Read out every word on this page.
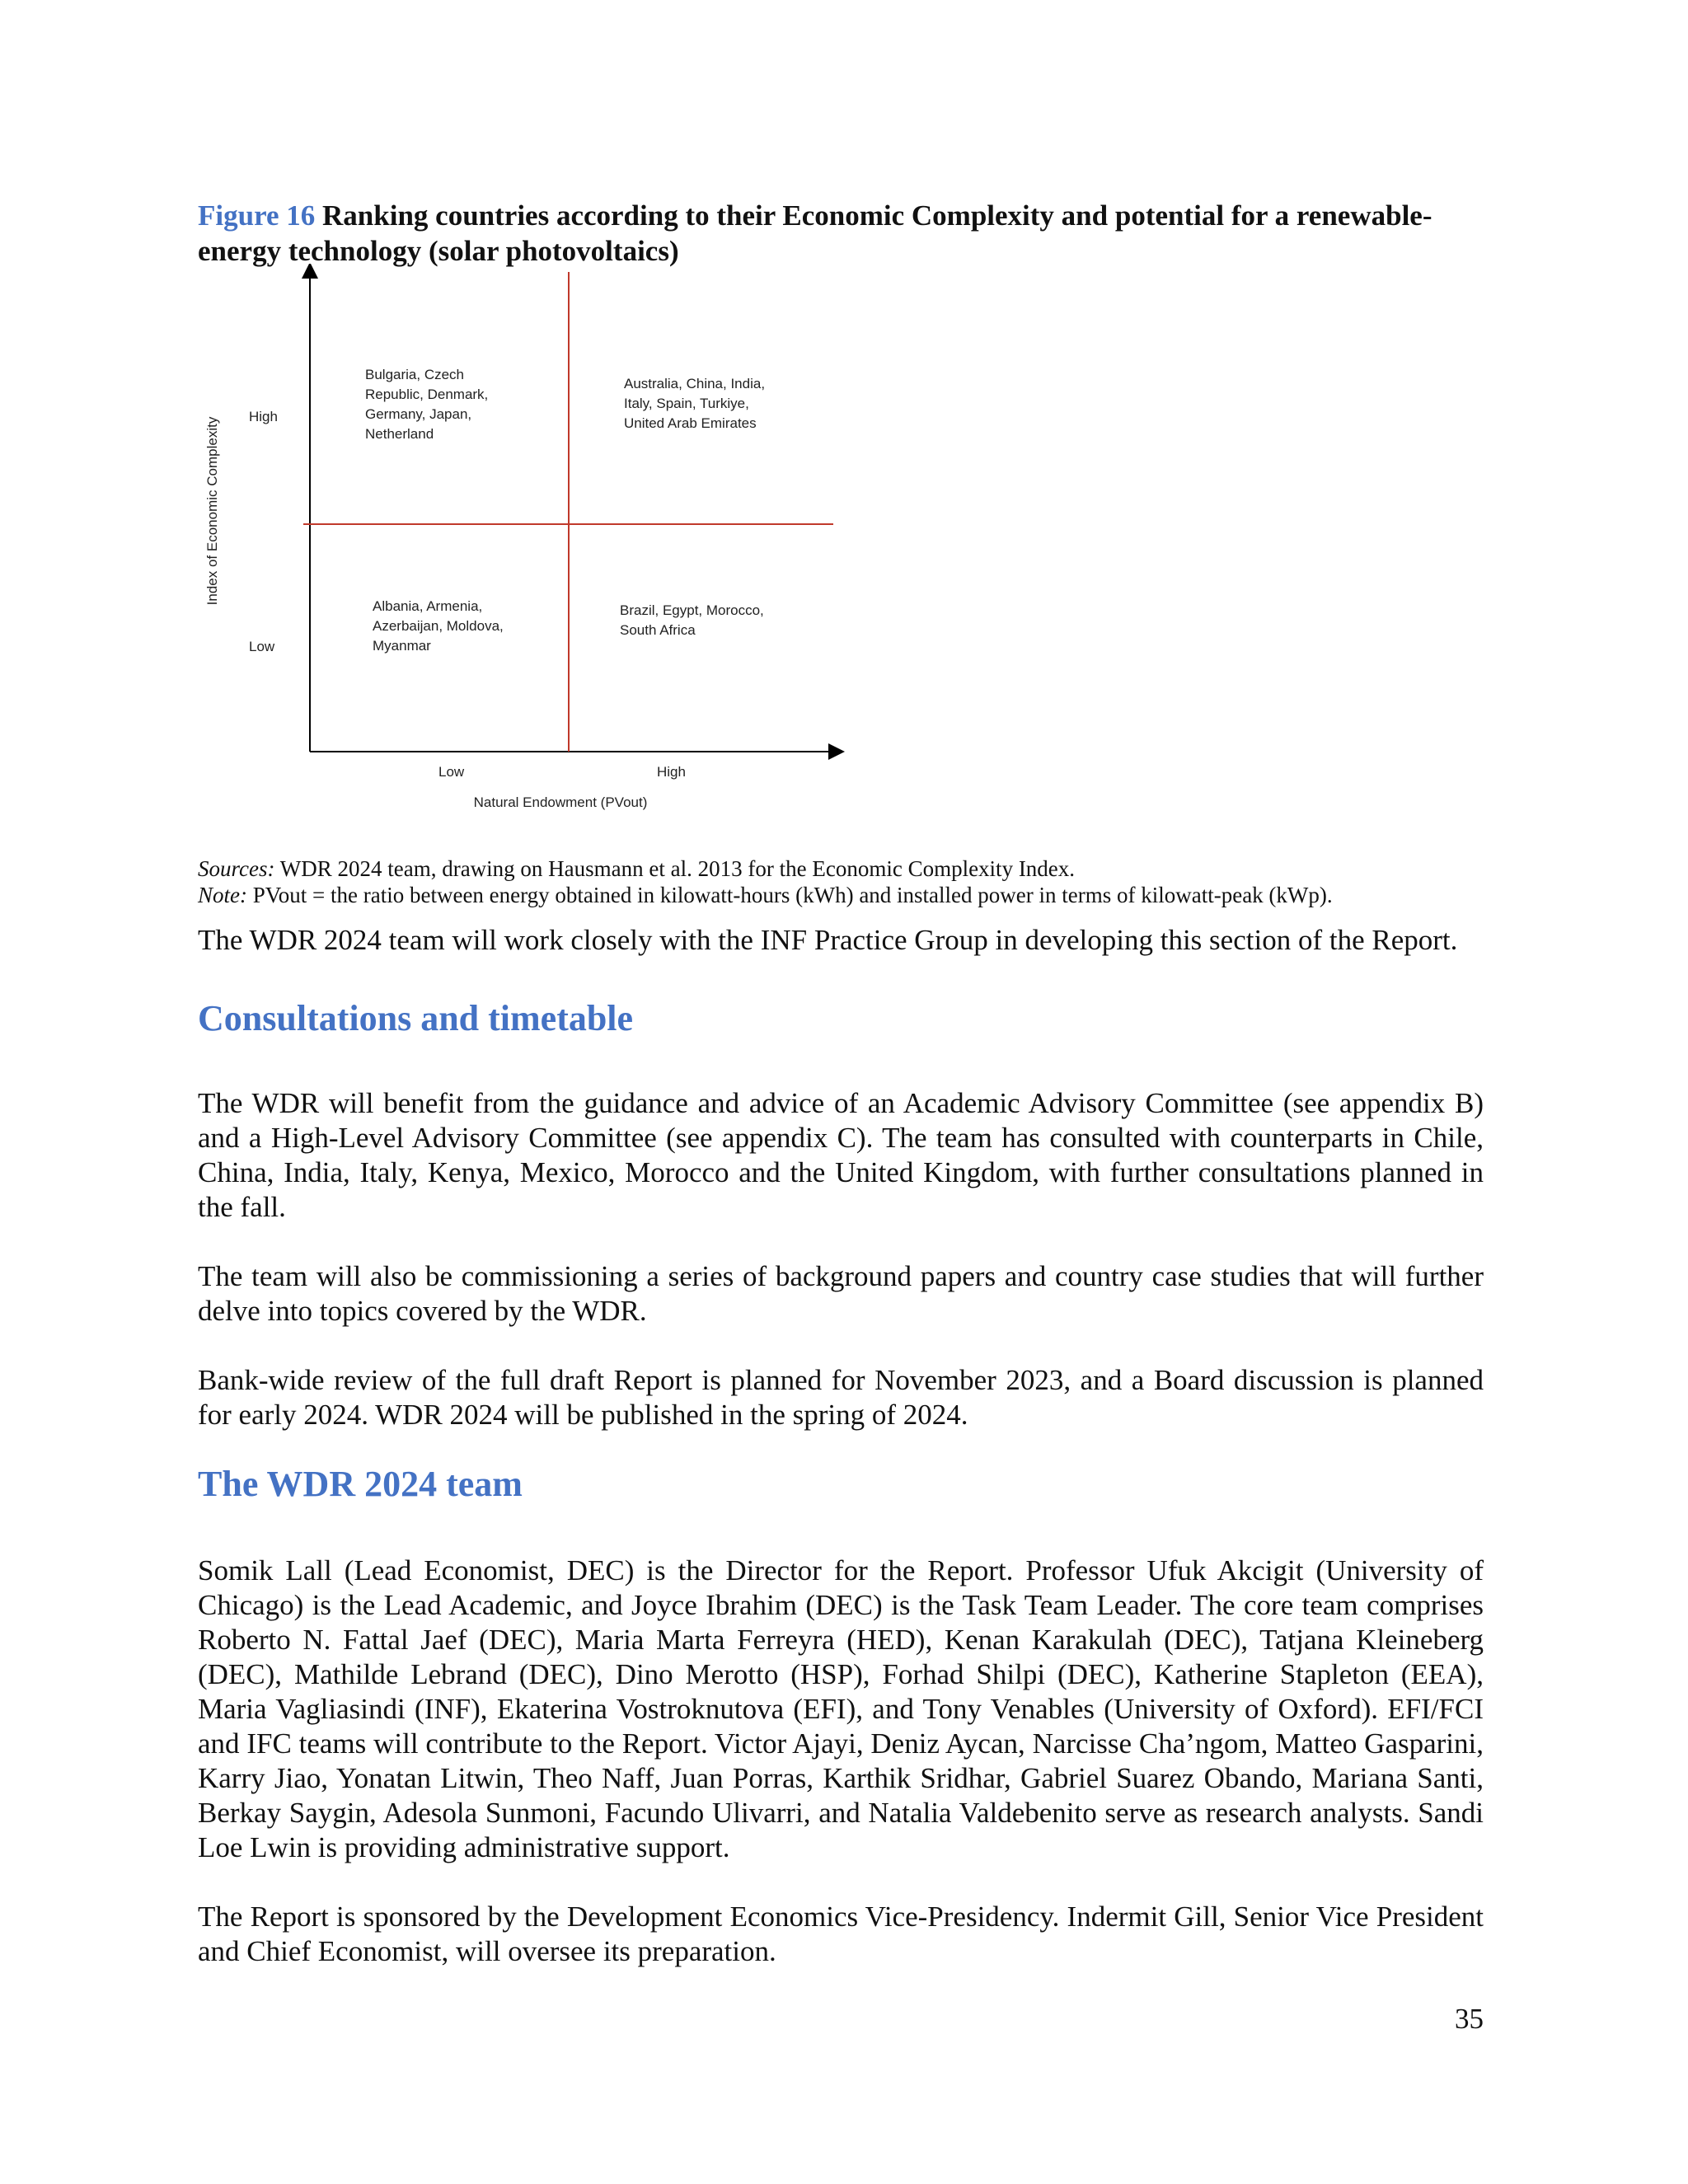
Figure 16 Ranking countries according to their Economic Complexity and potential for a renewable-energy technology (solar photovoltaics)
Index of Economic Complexity
Natural Endowment (PVout)
High
Low
Low	High
Bulgaria, Czech Republic, Denmark, Germany, Japan, Netherland
Australia, China, India, Italy, Spain, Turkiye, United Arab Emirates
Albania, Armenia, Azerbaijan, Moldova, Myanmar
Brazil, Egypt, Morocco, South Africa
Sources: WDR 2024 team, drawing on Hausmann et al. 2013 for the Economic Complexity Index.
Note: PVout = the ratio between energy obtained in kilowatt-hours (kWh) and installed power in terms of kilowatt-peak (kWp).

The WDR 2024 team will work closely with the INF Practice Group in developing this section of the Report.

Consultations and timetable

The WDR will benefit from the guidance and advice of an Academic Advisory Committee (see appendix B) and a High-Level Advisory Committee (see appendix C). The team has consulted with counterparts in Chile, China, India, Italy, Kenya, Mexico, Morocco and the United Kingdom, with further consultations planned in the fall.

The team will also be commissioning a series of background papers and country case studies that will further delve into topics covered by the WDR.

Bank-wide review of the full draft Report is planned for November 2023, and a Board discussion is planned for early 2024. WDR 2024 will be published in the spring of 2024.

The WDR 2024 team

Somik Lall (Lead Economist, DEC) is the Director for the Report. Professor Ufuk Akcigit (University of Chicago) is the Lead Academic, and Joyce Ibrahim (DEC) is the Task Team Leader. The core team comprises Roberto N. Fattal Jaef (DEC), Maria Marta Ferreyra (HED), Kenan Karakulah (DEC), Tatjana Kleineberg (DEC), Mathilde Lebrand (DEC), Dino Merotto (HSP), Forhad Shilpi (DEC), Katherine Stapleton (EEA), Maria Vagliasindi (INF), Ekaterina Vostroknutova (EFI), and Tony Venables (University of Oxford). EFI/FCI and IFC teams will contribute to the Report. Victor Ajayi, Deniz Aycan, Narcisse Cha’ngom, Matteo Gasparini, Karry Jiao, Yonatan Litwin, Theo Naff, Juan Porras, Karthik Sridhar, Gabriel Suarez Obando, Mariana Santi, Berkay Saygin, Adesola Sunmoni, Facundo Ulivarri, and Natalia Valdebenito serve as research analysts. Sandi Loe Lwin is providing administrative support.

The Report is sponsored by the Development Economics Vice-Presidency. Indermit Gill, Senior Vice President and Chief Economist, will oversee its preparation.

35
